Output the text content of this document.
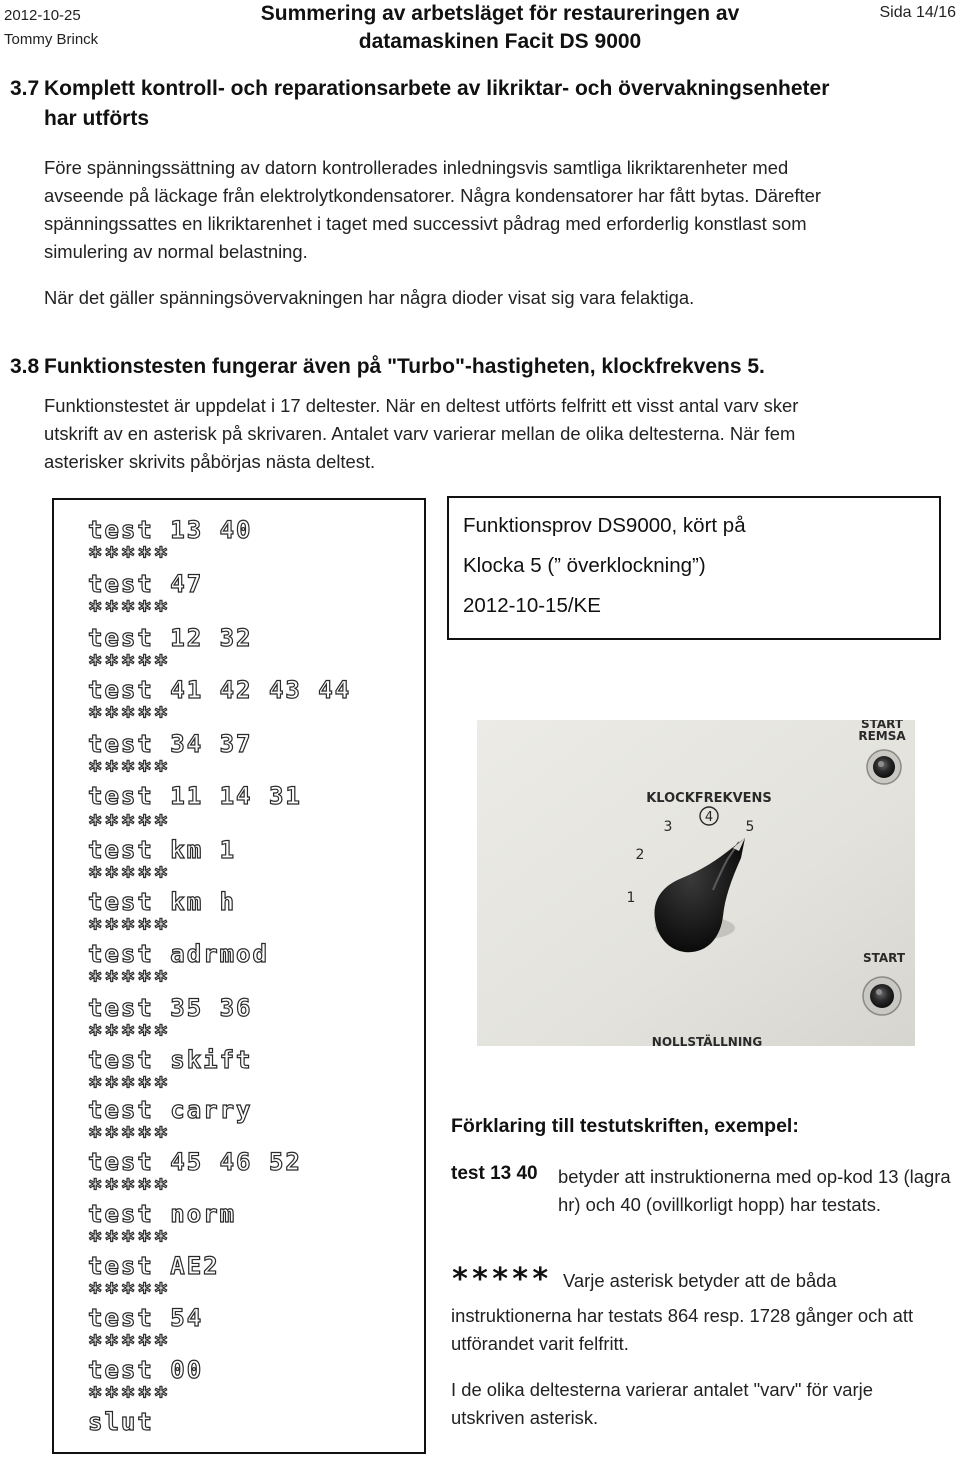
2012-10-25
Tommy Brinck
Summering av arbetsläget för restaureringen av
datamaskinen Facit DS 9000
Sida 14/16
3.7 Komplett kontroll- och reparationsarbete av likriktar- och övervakningsenheter
har utförts
Före spänningssättning av datorn kontrollerades inledningsvis samtliga likriktarenheter med
avseende på läckage från elektrolytkondensatorer. Några kondensatorer har fått bytas. Därefter
spänningssattes en likriktarenhet i taget med successivt pådrag med erforderlig konstlast som
simulering av normal belastning.
När det gäller spänningsövervakningen har några dioder visat sig vara felaktiga.
3.8 Funktionstesten fungerar även på "Turbo"-hastigheten, klockfrekvens 5.
Funktionstestet är uppdelat i 17 deltester. När en deltest utförts felfritt ett visst antal varv sker
utskrift av en asterisk på skrivaren. Antalet varv varierar mellan de olika deltesterna. När fem
asterisker skrivits påbörjas nästa deltest.
test 13 40
*****
test 47
*****
test 12 32
*****
test 41 42 43 44
*****
test 34 37
*****
test 11 14 31
*****
test km 1
*****
test km h
*****
test adrmod
*****
test 35 36
*****
test skift
*****
test carry
*****
test 45 46 52
*****
test norm
*****
test AE2
*****
test 54
*****
test 00
*****
slut
Funktionsprov DS9000, kört på
Klocka 5 (” överklockning”)
2012-10-15/KE
START
REMSA
KLOCKFREKVENS
4
3	5
2
1
START
NOLLSTÄLLNING
Förklaring till testutskriften, exempel:
test 13 40 betyder att instruktionerna med op-kod 13 (lagra hr) och 40 (ovillkorligt hopp) har testats.
***** Varje asterisk betyder att de båda
instruktionerna har testats 864 resp. 1728 gånger och att utförandet varit felfritt.
I de olika deltesterna varierar antalet "varv" för varje utskriven asterisk.
